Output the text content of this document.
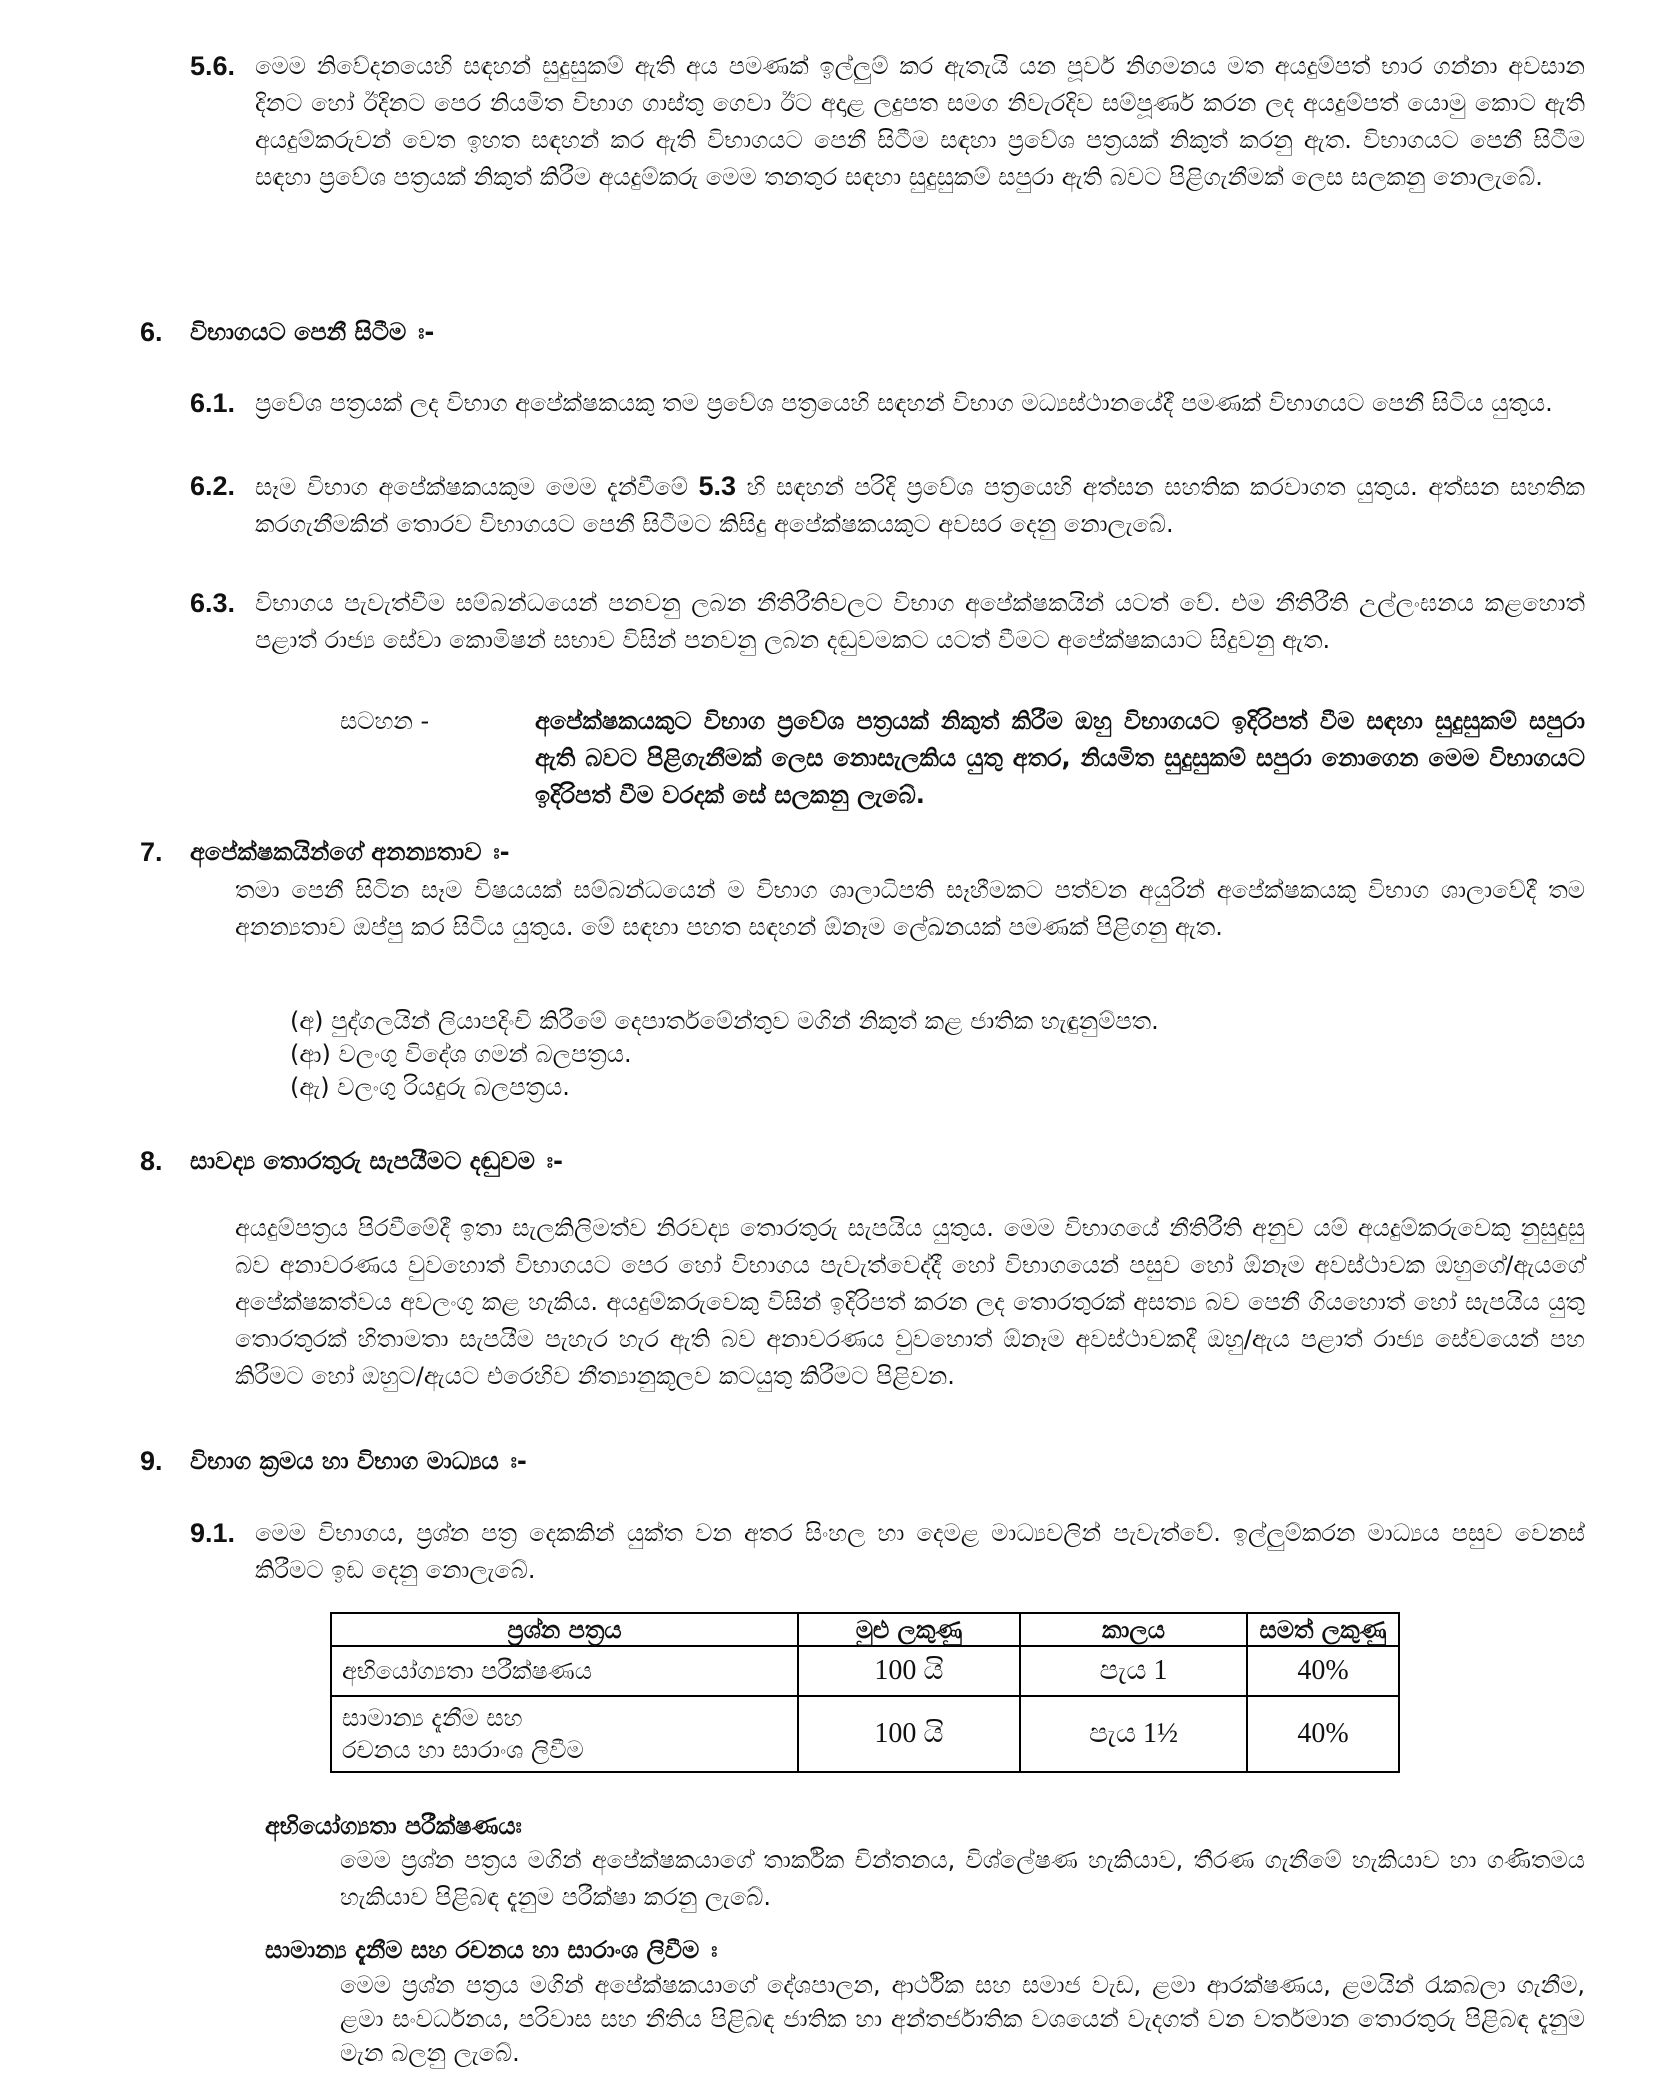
5.6. මෙම නිවේදනයෙහි සඳහන් සුදුසුකම් ඇති අය පමණක් ඉල්ලුම් කර ඇතැයි යන පූර්ව නිගමනය මත අයදුම්පත් භාර ගන්නා අවසාන දිනට හෝ ඊදිනට පෙර නියමිත විභාග ගාස්තු ගෙවා ඊට අදාළ ලදුපත සමග නිවැරදිව සම්පූර්ණ කරන ලද අයදුම්පත් යොමු කොට ඇති අයදුම්කරුවන් වෙත ඉහත සඳහන් කර ඇති විභාගයට පෙනී සිටීම සඳහා ප්‍රවේශ පත්‍රයක් නිකුත් කරනු ඇත. විභාගයට පෙනී සිටීම සඳහා ප්‍රවේශ පත්‍රයක් නිකුත් කිරීම අයදුම්කරු මෙම තනතුර සඳහා සුදුසුකම් සපුරා ඇති බවට පිළිගැනීමක් ලෙස සලකනු නොලැබේ.
6. විභාගයට පෙනී සිටීම ඃ-
6.1. ප්‍රවේශ පත්‍රයක් ලද විභාග අපේක්ෂකයකු තම ප්‍රවේශ පත්‍රයෙහි සඳහන් විභාග මධ්‍යස්ථානයේදී පමණක් විභාගයට පෙනී සිටිය යුතුය.
6.2. සෑම විභාග අපේක්ෂකයකුම මෙම දැන්වීමේ 5.3 හි සඳහන් පරිදි ප්‍රවේශ පත්‍රයෙහි අත්සන සහතික කරවාගත යුතුය. අත්සන සහතික කරගැනීමකින් තොරව විභාගයට පෙනී සිටීමට කිසිදු අපේක්ෂකයකුට අවසර දෙනු නොලැබේ.
6.3. විභාගය පැවැත්වීම සම්බන්ධයෙන් පනවනු ලබන නීතිරීතිවලට විභාග අපේක්ෂකයින් යටත් වේ. එම නීතිරීති උල්ලංඝනය කළහොත් පළාත් රාජ්‍ය සේවා කොමිෂන් සභාව විසින් පනවනු ලබන දඬුවමකට යටත් වීමට අපේක්ෂකයාට සිදුවනු ඇත.
සටහන -	අපේක්ෂකයකුට විභාග ප්‍රවේශ පත්‍රයක් නිකුත් කිරීම ඔහු විභාගයට ඉදිරිපත් වීම සඳහා සුදුසුකම් සපුරා ඇති බවට පිළිගැනීමක් ලෙස නොසැලකිය යුතු අතර, නියමිත සුදුසුකම් සපුරා නොගෙන මෙම විභාගයට ඉදිරිපත් වීම වරදක් සේ සලකනු ලැබේ.
7. අපේක්ෂකයින්ගේ අනන්‍යතාව ඃ-
තමා පෙනී සිටින සෑම විෂයයක් සම්බන්ධයෙන් ම විභාග ශාලාධිපති සෑහීමකට පත්වන අයුරින් අපේක්ෂකයකු විභාග ශාලාවේදී තම අනන්‍යතාව ඔප්පු කර සිටිය යුතුය. මේ සඳහා පහත සඳහන් ඕනෑම ලේඛනයක් පමණක් පිළිගනු ඇත.
(අ) පුද්ගලයින් ලියාපදිංචි කිරීමේ දෙපාර්තමේන්තුව මගින් නිකුත් කළ ජාතික හැඳුනුම්පත.
(ආ) වලංගු විදේශ ගමන් බලපත්‍රය.
(ඇ) වලංගු රියදුරු බලපත්‍රය.
8. සාවද්‍ය තොරතුරු සැපයීමට දඬුවම ඃ-
අයදුම්පත්‍රය පිරවීමේදී ඉතා සැලකිලිමත්ව නිරවද්‍ය තොරතුරු සැපයිය යුතුය. මෙම විභාගයේ නීතිරීති අනුව යම් අයදුම්කරුවෙකු නුසුදුසු බව අනාවරණය වුවහොත් විභාගයට පෙර හෝ විභාගය පැවැත්වෙද්දී හෝ විභාගයෙන් පසුව හෝ ඕනෑම අවස්ථාවක ඔහුගේ/ඇයගේ අපේක්ෂකත්වය අවලංගු කළ හැකිය. අයදුම්කරුවෙකු විසින් ඉදිරිපත් කරන ලද තොරතුරක් අසත්‍ය බව පෙනී ගියහොත් හෝ සැපයිය යුතු තොරතුරක් හිතාමතා සැපයීම පැහැර හැර ඇති බව අනාවරණය වුවහොත් ඕනෑම අවස්ථාවකදී ඔහු/ඇය පළාත් රාජ්‍ය සේවයෙන් පහ කිරීමට හෝ ඔහුට/ඇයට එරෙහිව නීත්‍යානුකූලව කටයුතු කිරීමට පිළිවන.
9. විභාග ක්‍රමය හා විභාග මාධ්‍යය ඃ-
9.1. මෙම විභාගය, ප්‍රශ්න පත්‍ර දෙකකින් යුක්ත වන අතර සිංහල හා දෙමළ මාධ්‍යවලින් පැවැත්වේ. ඉල්ලුම්කරන මාධ්‍යය පසුව වෙනස් කිරීමට ඉඩ දෙනු නොලැබේ.
ප්‍රශ්න පත්‍රය	මුළු ලකුණු	කාලය	සමත් ලකුණු
අභියෝග්‍යතා පරීක්ෂණය	100 යි	පැය 1	40%

සාමාන්‍ය දැනීම සහ
රචනය හා සාරාංශ ලිවීම	100 යි	පැය 1½	40%
අභියෝග්‍යතා පරීක්ෂණයඃ
මෙම ප්‍රශ්න පත්‍රය මගින් අපේක්ෂකයාගේ තාර්කික චින්තනය, විශ්ලේෂණ හැකියාව, තීරණ ගැනීමේ හැකියාව හා ගණිතමය හැකියාව පිළිබඳ දැනුම පරීක්ෂා කරනු ලැබේ.
සාමාන්‍ය දැනීම සහ රචනය හා සාරාංශ ලිවීම ඃ
මෙම ප්‍රශ්න පත්‍රය මගින් අපේක්ෂකයාගේ දේශපාලන, ආර්ථික සහ සමාජ වැඩ, ළමා ආරක්ෂණය, ළමයින් රැකබලා ගැනීම, ළමා සංවර්ධනය, පරිවාස සහ නීතිය පිළිබඳ ජාතික හා අන්තර්ජාතික වශයෙන් වැදගත් වන වර්තමාන තොරතුරු පිළිබඳ දැනුම මැන බලනු ලැබේ.
